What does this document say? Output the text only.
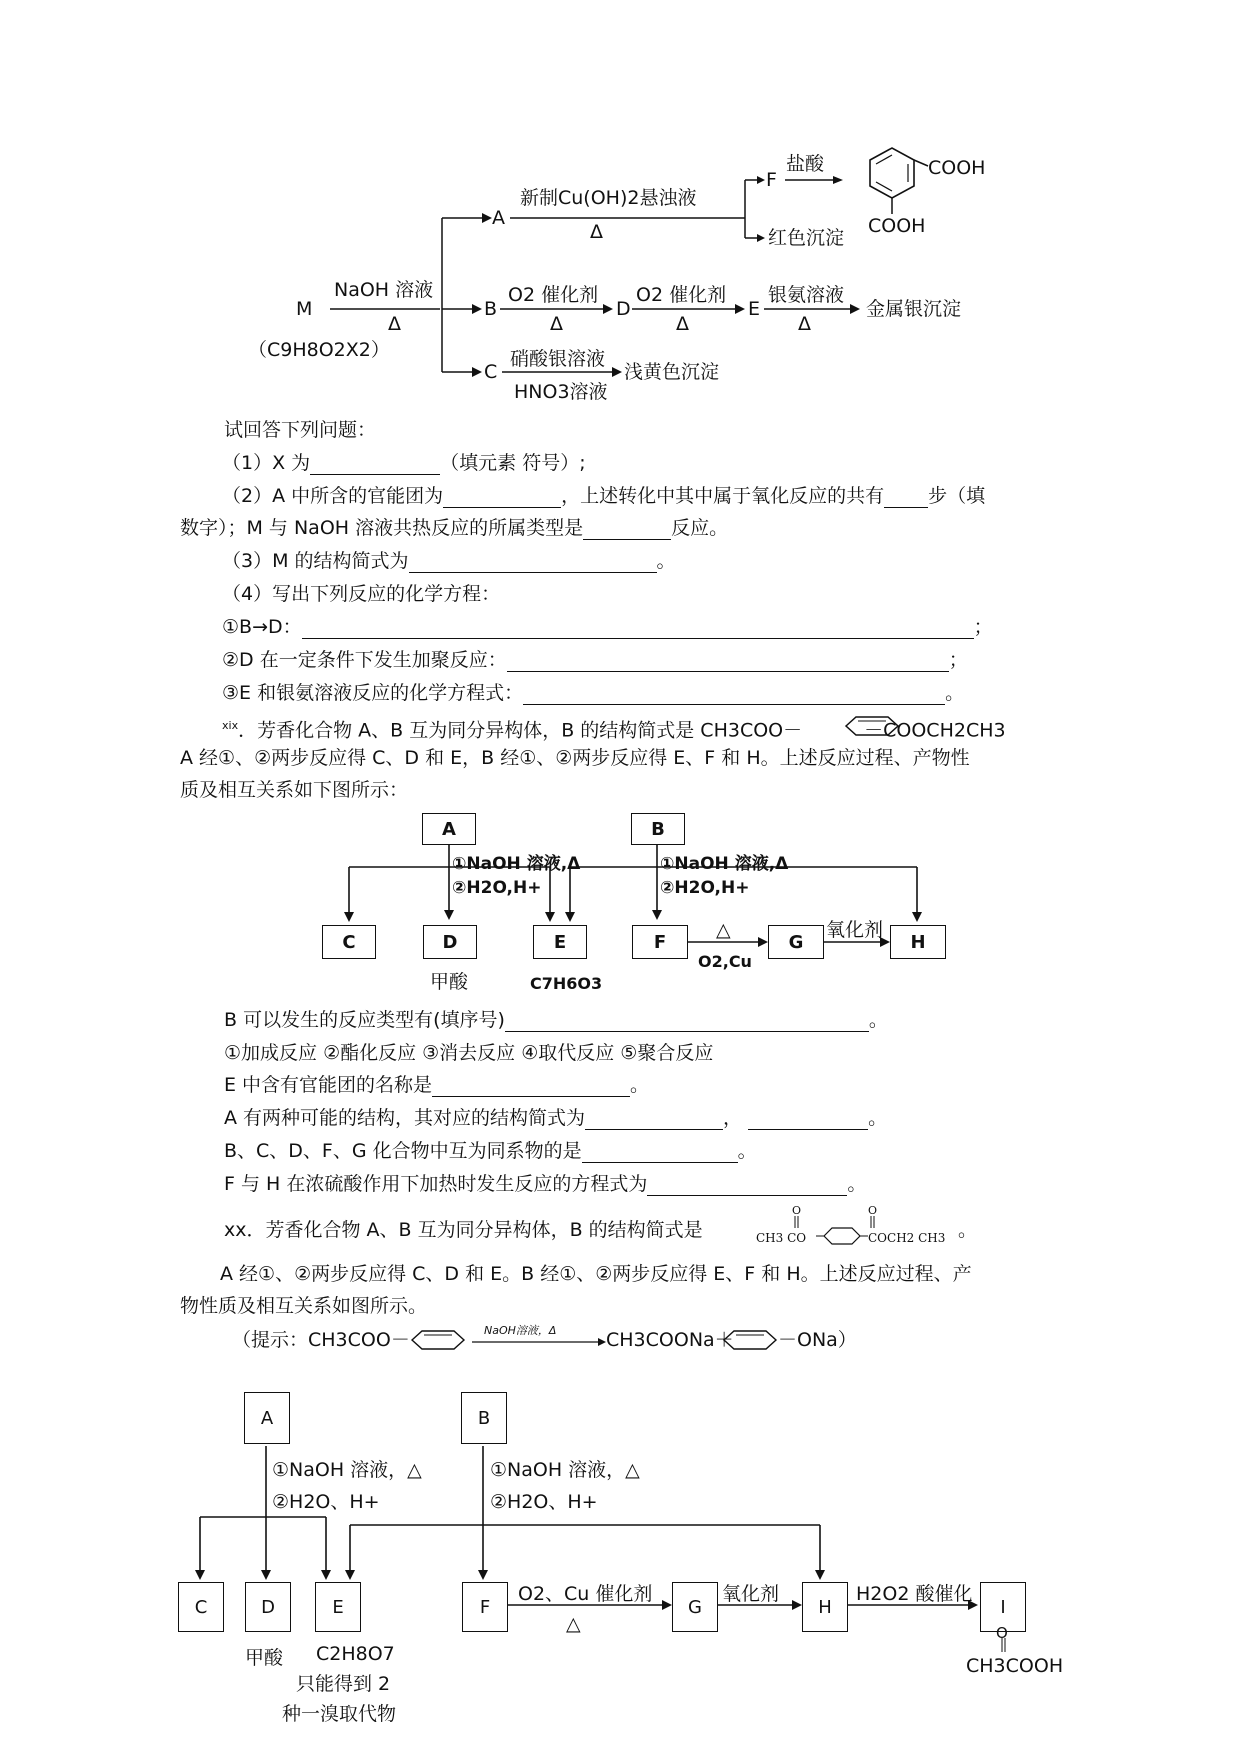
M
（C9H8O2X2）
NaOH 溶液
Δ
A
新制Cu(OH)2悬浊液
Δ
F
盐酸
红色沉淀
COOH
COOH
B
O2 催化剂
Δ
D
O2 催化剂
Δ
E
银氨溶液
Δ
金属银沉淀
C
硝酸银溶液
HNO3溶液
浅黄色沉淀
试回答下列问题：
（1）X 为	（填元素 符号）;
（2）A 中所含的官能团为	，上述转化中其中属于氧化反应的共有 步（填
数字）；M 与 NaOH 溶液共热反应的所属类型是	反应。
（3）M 的结构简式为	。
（4）写出下列反应的化学方程：
①B→D：	；
②D 在一定条件下发生加聚反应：	；
③E 和银氨溶液反应的化学方程式：	。
$^{xix}$．芳香化合物 A、B 互为同分异构体，B 的结构简式是 CH3COO－	－COOCH2CH3
A 经①、②两步反应得 C、D 和 E，B 经①、②两步反应得 E、F 和 H。上述反应过程、产物性
质及相互关系如下图所示：
A	B
①NaOH 溶液,Δ
②H2O,H+
①NaOH 溶液,Δ
②H2O,H+
C	D	E	F	G	H
△
O2,Cu
氧化剂
甲酸	C7H6O3
B 可以发生的反应类型有(填序号)	。
①加成反应 ②酯化反应 ③消去反应 ④取代反应 ⑤聚合反应
E 中含有官能团的名称是	。
A 有两种可能的结构，其对应的结构简式为	，	。
B、C、D、F、G 化合物中互为同系物的是	。
F 与 H 在浓硫酸作用下加热时发生反应的方程式为	。
xx．芳香化合物 A、B 互为同分异构体，B 的结构简式是
O
CH3 CO
O
COCH2 CH3 。
A 经①、②两步反应得 C、D 和 E。B 经①、②两步反应得 E、F 和 H。上述反应过程、产
物性质及相互关系如图所示。
（提示：CH3COO－	NaOH溶液，Δ	CH3COONa＋ －ONa）
A	B
①NaOH 溶液，△
②H2O、H+
①NaOH 溶液，△
②H2O、H+
C	D	E	F	G	H	I
O2、Cu 催化剂
△
氧化剂	H2O2 酸催化
甲酸 C2H8O7
只能得到 2
种一溴取代物
O
CH3COOH
